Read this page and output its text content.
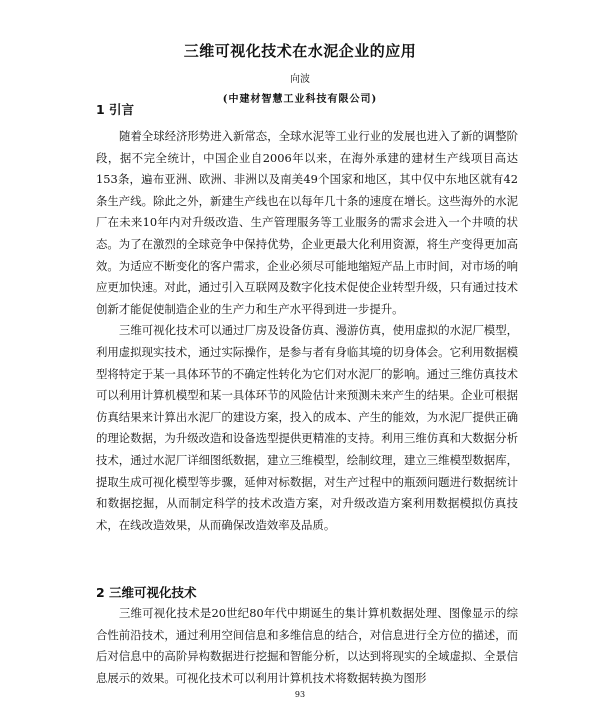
三维可视化技术在水泥企业的应用
向波
(中建材智慧工业科技有限公司)
1 引言

随着全球经济形势进入新常态，全球水泥等工业行业的发展也进入了新的调整阶段，据不完全统计，中国企业自2006年以来，在海外承建的建材生产线项目高达153条，遍布亚洲、欧洲、非洲以及南美49个国家和地区，其中仅中东地区就有42条生产线。除此之外，新建生产线也在以每年几十条的速度在增长。这些海外的水泥厂在未来10年内对升级改造、生产管理服务等工业服务的需求会进入一个井喷的状态。为了在激烈的全球竞争中保持优势，企业更最大化利用资源，将生产变得更加高效。为适应不断变化的客户需求，企业必须尽可能地缩短产品上市时间，对市场的响应更加快速。对此，通过引入互联网及数字化技术促使企业转型升级，只有通过技术创新才能促使制造企业的生产力和生产水平得到进一步提升。

三维可视化技术可以通过厂房及设备仿真、漫游仿真，使用虚拟的水泥厂模型，利用虚拟现实技术，通过实际操作，是参与者有身临其境的切身体会。它利用数据模型将特定于某一具体环节的不确定性转化为它们对水泥厂的影响。通过三维仿真技术可以利用计算机模型和某一具体环节的风险估计来预测未来产生的结果。企业可根据仿真结果来计算出水泥厂的建设方案，投入的成本、产生的能效，为水泥厂提供正确的理论数据，为升级改造和设备选型提供更精准的支持。利用三维仿真和大数据分析技术，通过水泥厂详细图纸数据，建立三维模型，绘制纹理，建立三维模型数据库，提取生成可视化模型等步骤，延伸对标数据，对生产过程中的瓶颈问题进行数据统计和数据挖掘，从而制定科学的技术改造方案，对升级改造方案利用数据模拟仿真技术，在线改造效果，从而确保改造效率及品质。

2 三维可视化技术

三维可视化技术是20世纪80年代中期诞生的集计算机数据处理、图像显示的综合性前沿技术，通过利用空间信息和多维信息的结合，对信息进行全方位的描述，而后对信息中的高阶异构数据进行挖掘和智能分析，以达到将现实的全域虚拟、全景信息展示的效果。可视化技术可以利用计算机技术将数据转换为图形

93
